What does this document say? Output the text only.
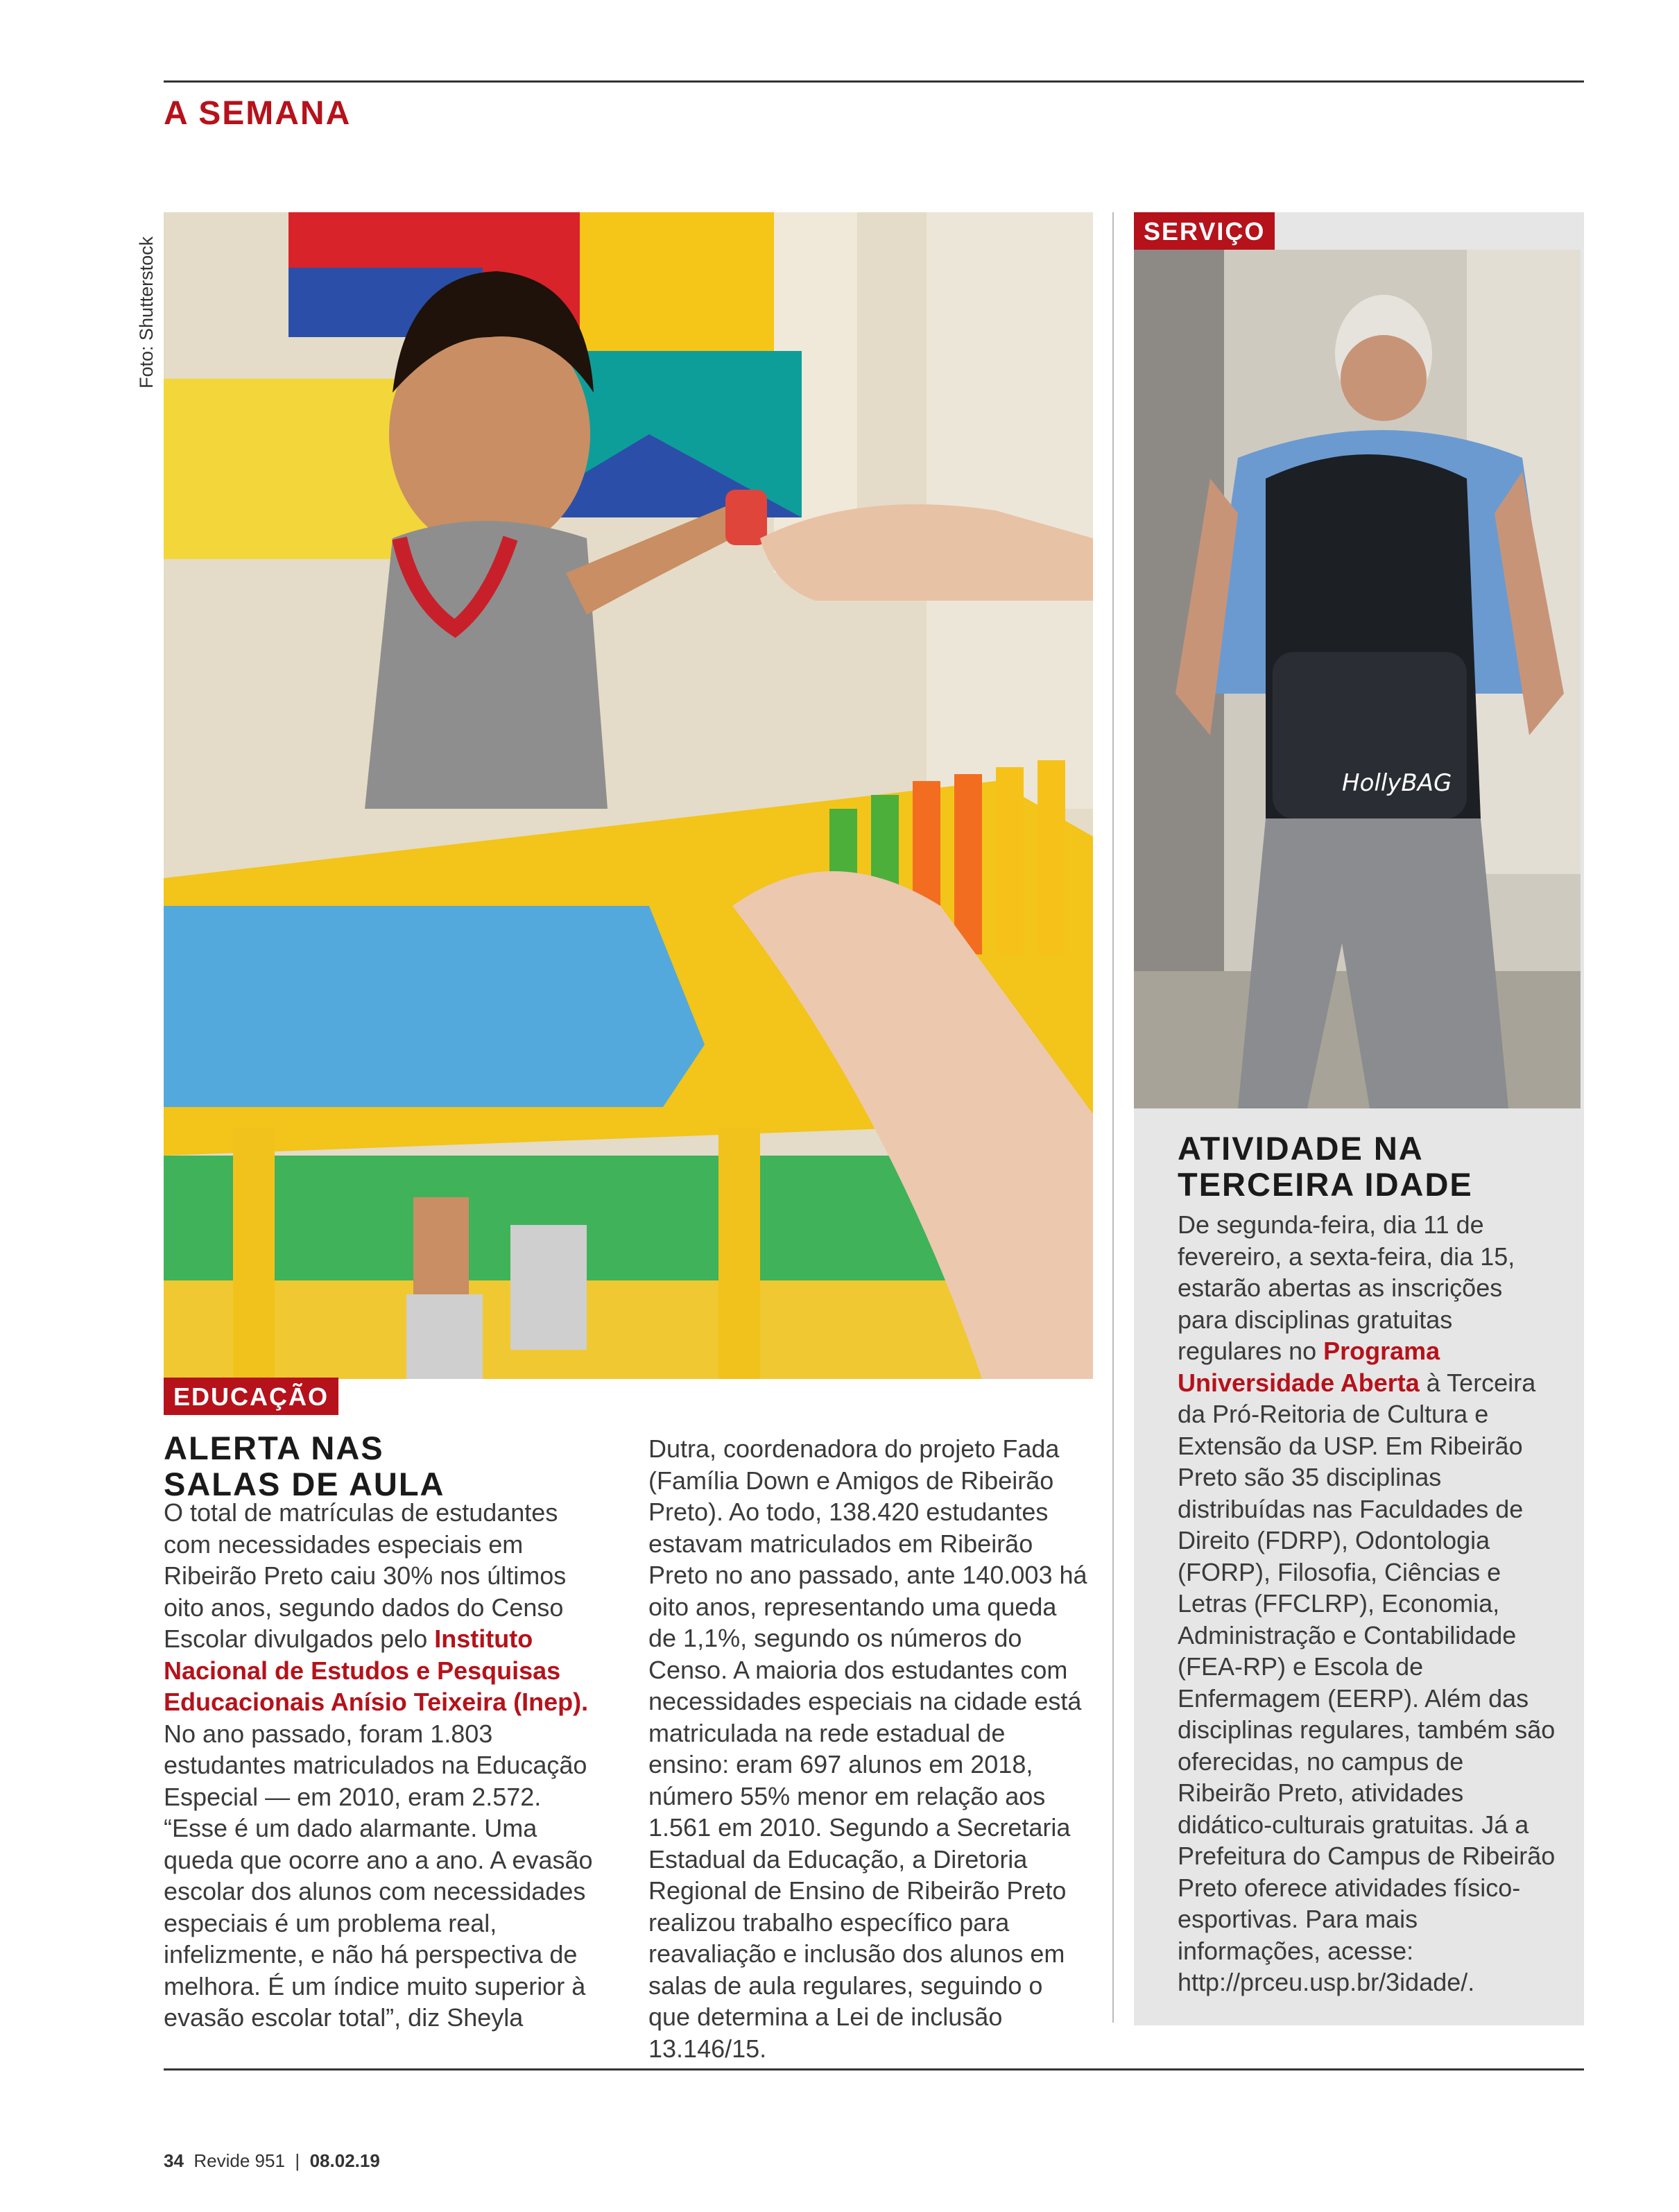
A SEMANA
Foto: Shutterstock
HollyBAG
SERVIÇO
ATIVIDADE NA
TERCEIRA IDADE

De segunda-feira, dia 11 de fevereiro, a sexta-feira, dia 15, estarão abertas as inscrições para disciplinas gratuitas regulares no Programa Universidade Aberta à Terceira da Pró-Reitoria de Cultura e Extensão da USP. Em Ribeirão Preto são 35 disciplinas distribuídas nas Faculdades de Direito (FDRP), Odontologia (FORP), Filosofia, Ciências e Letras (FFCLRP), Economia, Administração e Contabilidade (FEA-RP) e Escola de Enfermagem (EERP). Além das disciplinas regulares, também são oferecidas, no campus de Ribeirão Preto, atividades didático-culturais gratuitas. Já a Prefeitura do Campus de Ribeirão Preto oferece atividades físico-esportivas. Para mais informações, acesse: http://prceu.usp.br/3idade/.

EDUCAÇÃO
ALERTA NAS
SALAS DE AULA

O total de matrículas de estudantes com necessidades especiais em Ribeirão Preto caiu 30% nos últimos oito anos, segundo dados do Censo Escolar divulgados pelo Instituto Nacional de Estudos e Pesquisas Educacionais Anísio Teixeira (Inep). No ano passado, foram 1.803 estudantes matriculados na Educação Especial — em 2010, eram 2.572. “Esse é um dado alarmante. Uma queda que ocorre ano a ano. A evasão escolar dos alunos com necessidades especiais é um problema real, infelizmente, e não há perspectiva de melhora. É um índice muito superior à evasão escolar total”, diz Sheyla

Dutra, coordenadora do projeto Fada (Família Down e Amigos de Ribeirão Preto). Ao todo, 138.420 estudantes estavam matriculados em Ribeirão Preto no ano passado, ante 140.003 há oito anos, representando uma queda de 1,1%, segundo os números do Censo. A maioria dos estudantes com necessidades especiais na cidade está matriculada na rede estadual de ensino: eram 697 alunos em 2018, número 55% menor em relação aos 1.561 em 2010. Segundo a Secretaria Estadual da Educação, a Diretoria Regional de Ensino de Ribeirão Preto realizou trabalho específico para reavaliação e inclusão dos alunos em salas de aula regulares, seguindo o que determina a Lei de inclusão 13.146/15.

34 Revide 951 | 08.02.19
